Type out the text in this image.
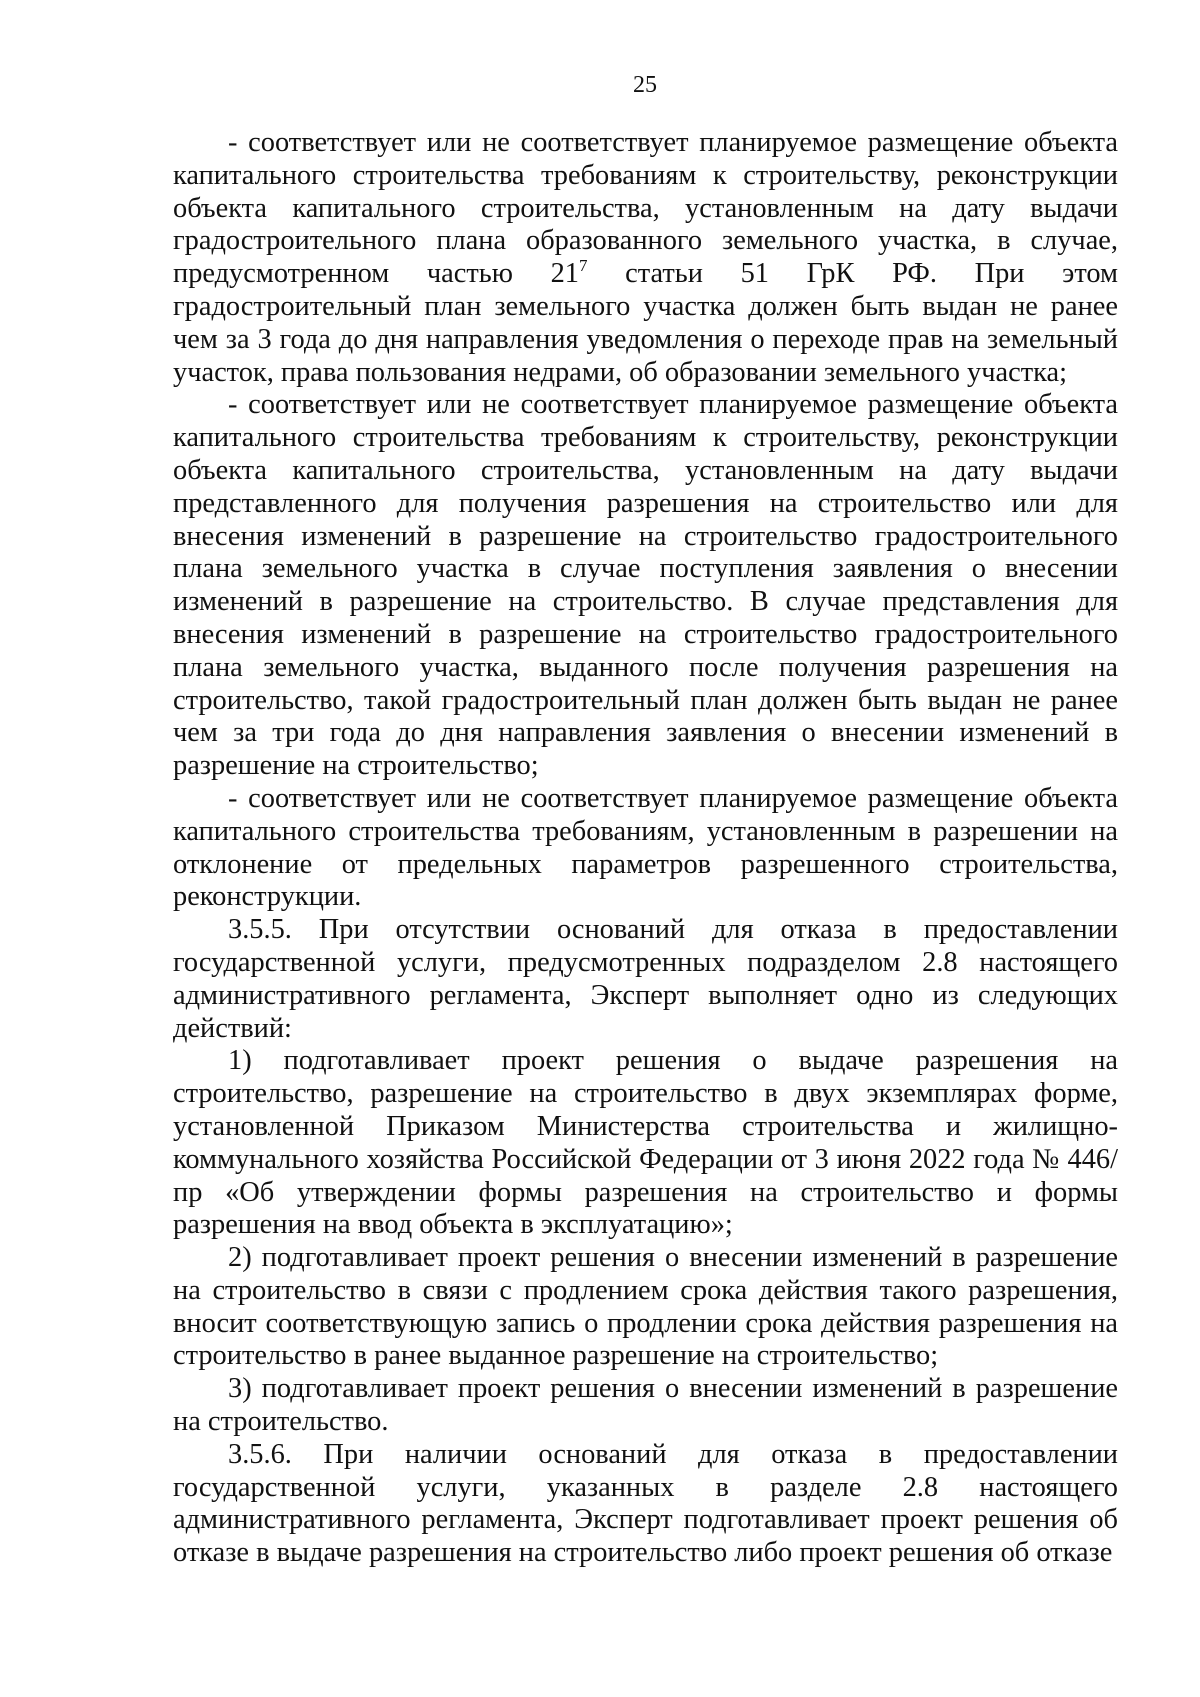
25

- соответствует или не соответствует планируемое размещение объекта капитального строительства требованиям к строительству, реконструкции объекта капитального строительства, установленным на дату выдачи градостроительного плана образованного земельного участка, в случае, предусмотренном частью $21^7$ статьи 51 ГрК РФ. При этом градостроительный план земельного участка должен быть выдан не ранее чем за 3 года до дня направления уведомления о переходе прав на земельный участок, права пользования недрами, об образовании земельного участка;

- соответствует или не соответствует планируемое размещение объекта капитального строительства требованиям к строительству, реконструкции объекта капитального строительства, установленным на дату выдачи представленного для получения разрешения на строительство или для внесения изменений в разрешение на строительство градостроительного плана земельного участка в случае поступления заявления о внесении изменений в разрешение на строительство. В случае представления для внесения изменений в разрешение на строительство градостроительного плана земельного участка, выданного после получения разрешения на строительство, такой градостроительный план должен быть выдан не ранее чем за три года до дня направления заявления о внесении изменений в разрешение на строительство;

- соответствует или не соответствует планируемое размещение объекта капитального строительства требованиям, установленным в разрешении на отклонение от предельных параметров разрешенного строительства, реконструкции.

3.5.5. При отсутствии оснований для отказа в предоставлении государственной услуги, предусмотренных подразделом 2.8 настоящего административного регламента, Эксперт выполняет одно из следующих действий:

1) подготавливает проект решения о выдаче разрешения на строительство, разрешение на строительство в двух экземплярах форме, установленной Приказом Министерства строительства и жилищно-коммунального хозяйства Российской Федерации от 3 июня 2022 года № 446/пр «Об утверждении формы разрешения на строительство и формы разрешения на ввод объекта в эксплуатацию»;

2) подготавливает проект решения о внесении изменений в разрешение на строительство в связи с продлением срока действия такого разрешения, вносит соответствующую запись о продлении срока действия разрешения на строительство в ранее выданное разрешение на строительство;

3) подготавливает проект решения о внесении изменений в разрешение на строительство.

3.5.6. При наличии оснований для отказа в предоставлении государственной услуги, указанных в разделе 2.8 настоящего административного регламента, Эксперт подготавливает проект решения об отказе в выдаче разрешения на строительство либо проект решения об отказе
